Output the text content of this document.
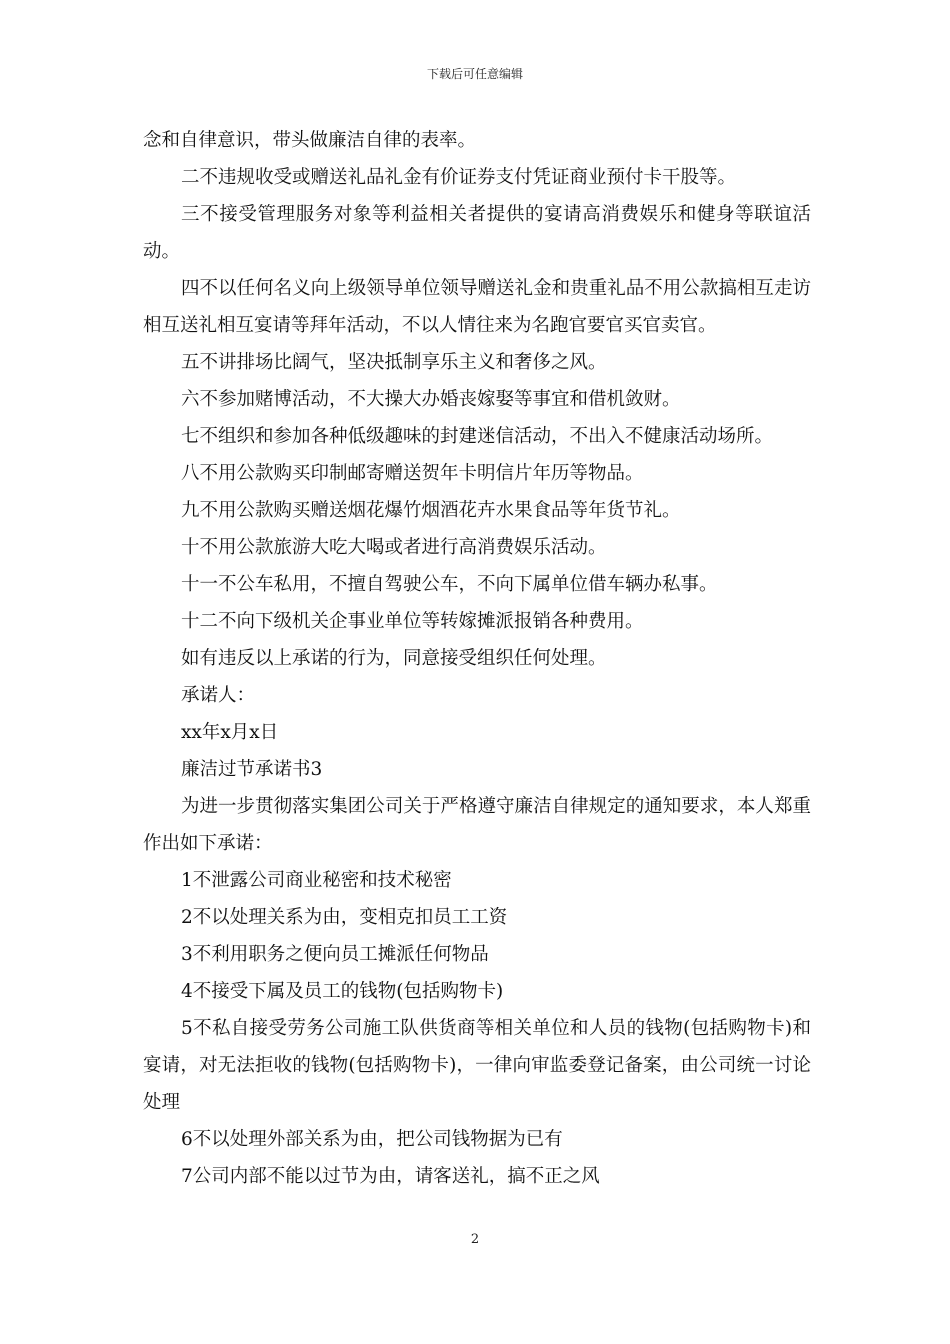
下载后可任意编辑

念和自律意识，带头做廉洁自律的表率。

二不违规收受或赠送礼品礼金有价证券支付凭证商业预付卡干股等。

三不接受管理服务对象等利益相关者提供的宴请高消费娱乐和健身等联谊活动。

四不以任何名义向上级领导单位领导赠送礼金和贵重礼品不用公款搞相互走访相互送礼相互宴请等拜年活动，不以人情往来为名跑官要官买官卖官。

五不讲排场比阔气，坚决抵制享乐主义和奢侈之风。

六不参加赌博活动，不大操大办婚丧嫁娶等事宜和借机敛财。

七不组织和参加各种低级趣味的封建迷信活动，不出入不健康活动场所。

八不用公款购买印制邮寄赠送贺年卡明信片年历等物品。

九不用公款购买赠送烟花爆竹烟酒花卉水果食品等年货节礼。

十不用公款旅游大吃大喝或者进行高消费娱乐活动。

十一不公车私用，不擅自驾驶公车，不向下属单位借车辆办私事。

十二不向下级机关企事业单位等转嫁摊派报销各种费用。

如有违反以上承诺的行为，同意接受组织任何处理。

承诺人：

xx年x月x日

廉洁过节承诺书3

为进一步贯彻落实集团公司关于严格遵守廉洁自律规定的通知要求，本人郑重作出如下承诺：

1不泄露公司商业秘密和技术秘密

2不以处理关系为由，变相克扣员工工资

3不利用职务之便向员工摊派任何物品

4不接受下属及员工的钱物(包括购物卡)

5不私自接受劳务公司施工队供货商等相关单位和人员的钱物(包括购物卡)和宴请，对无法拒收的钱物(包括购物卡)，一律向审监委登记备案，由公司统一讨论处理

6不以处理外部关系为由，把公司钱物据为已有

7公司内部不能以过节为由，请客送礼，搞不正之风

2
